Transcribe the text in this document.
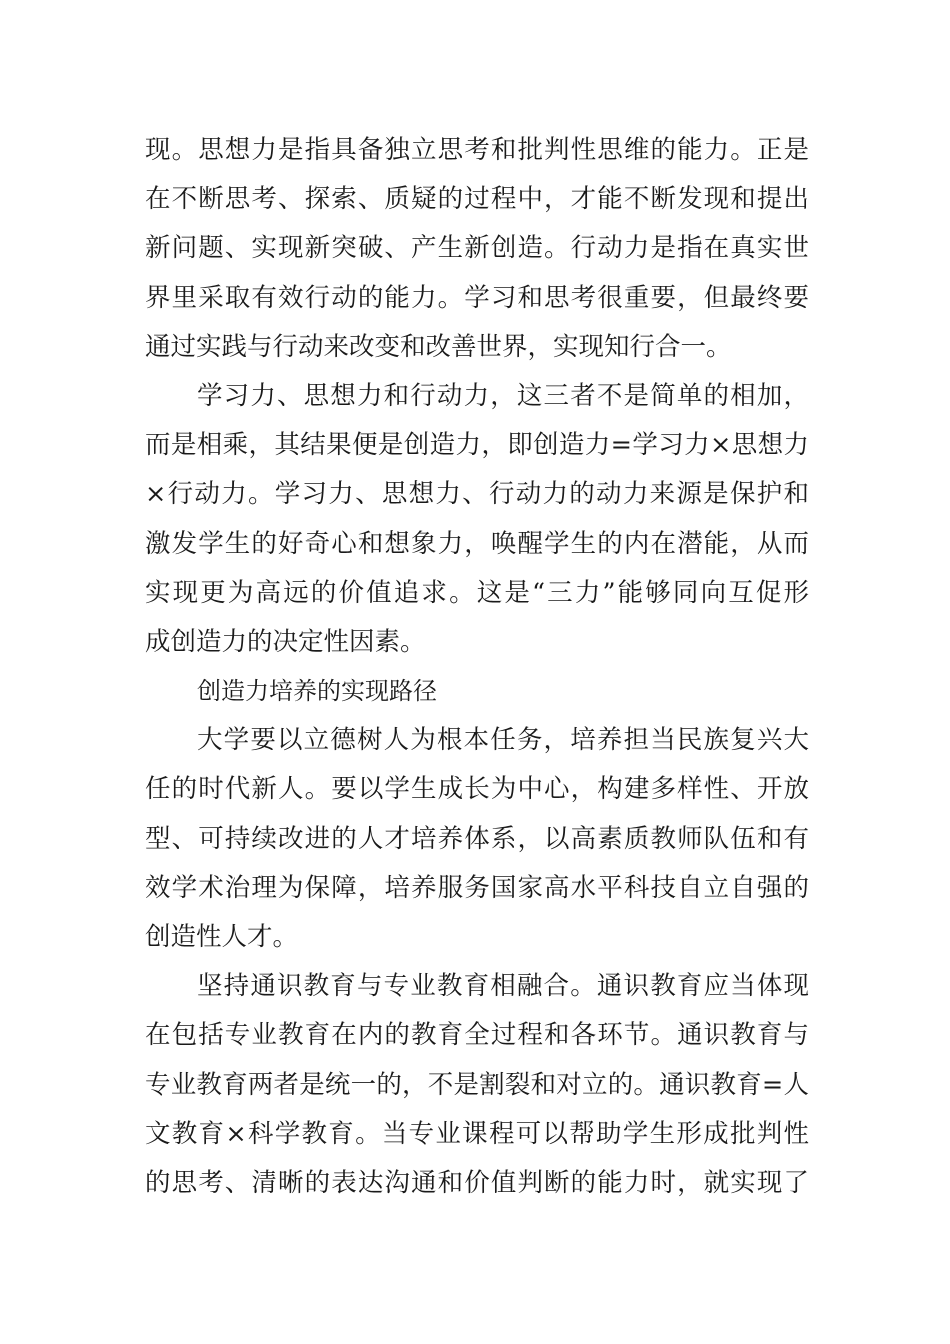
现。思想力是指具备独立思考和批判性思维的能力。正是
在不断思考、探索、质疑的过程中，才能不断发现和提出
新问题、实现新突破、产生新创造。行动力是指在真实世
界里采取有效行动的能力。学习和思考很重要，但最终要
通过实践与行动来改变和改善世界，实现知行合一。
学习力、思想力和行动力，这三者不是简单的相加，
而是相乘，其结果便是创造力，即创造力=学习力×思想力
×行动力。学习力、思想力、行动力的动力来源是保护和
激发学生的好奇心和想象力，唤醒学生的内在潜能，从而
实现更为高远的价值追求。这是“三力”能够同向互促形
成创造力的决定性因素。
创造力培养的实现路径
大学要以立德树人为根本任务，培养担当民族复兴大
任的时代新人。要以学生成长为中心，构建多样性、开放
型、可持续改进的人才培养体系，以高素质教师队伍和有
效学术治理为保障，培养服务国家高水平科技自立自强的
创造性人才。
坚持通识教育与专业教育相融合。通识教育应当体现
在包括专业教育在内的教育全过程和各环节。通识教育与
专业教育两者是统一的，不是割裂和对立的。通识教育=人
文教育×科学教育。当专业课程可以帮助学生形成批判性
的思考、清晰的表达沟通和价值判断的能力时，就实现了
